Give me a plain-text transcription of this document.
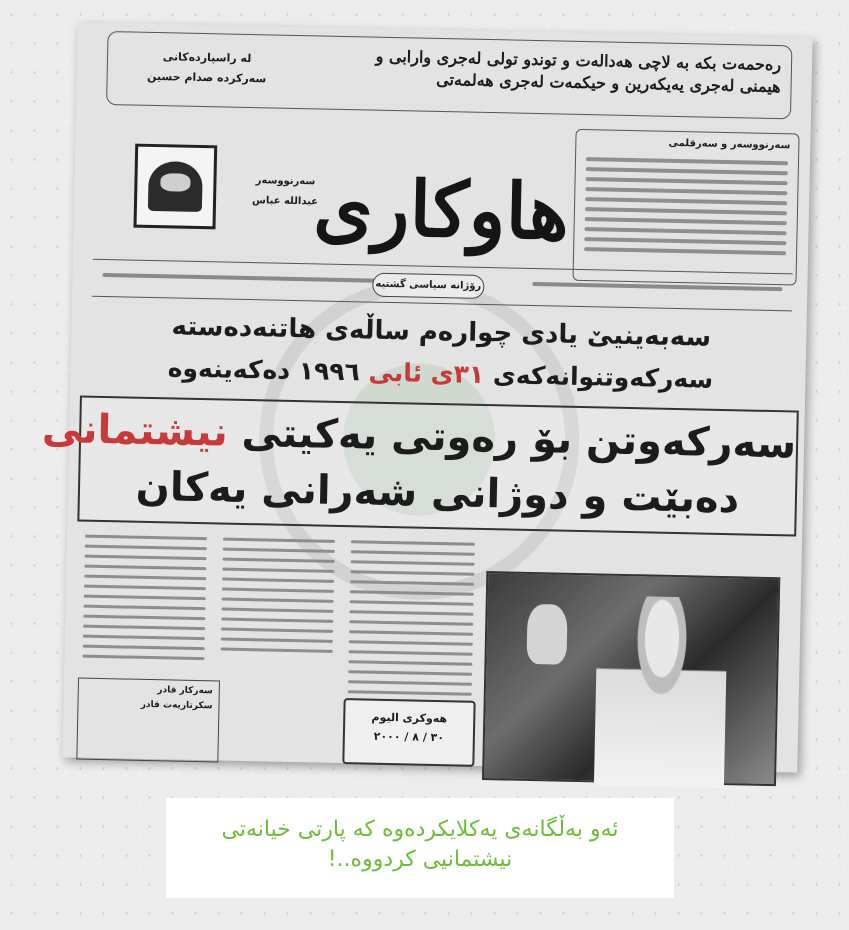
رەحمەت بکە بە لاچی ھەدالەت و توندو تولی لەجری وارابی و
ھیمنی لەجری یەیکەرین و حیکمەت لەجری ھەلمەتی
لە راسپاردەکانی
سەرکردە صدام حسین
سەرنووسەر و سەرقلمی
ھاوکاری
سەرنووسەر
عبدالله عباس
رۆژانە سیاسی گشتیە
سەبەینیێ یادی چوارەم ساڵەی ھاتنەدەستە
سەرکەوتنوانەکەی ٣١ی ئابی ١٩٩٦ دەکەینەوە
سەرکەوتن بۆ رەوتی یەکیتی نیشتمانی
دەبێت و دوژانی شەرانی یەکان
ھەوکری الیوم
٣٠ / ٨ / ٢٠٠٠
سەرکار قادر
سکرتاریەت قادر
ئەو بەڵگانەی یەکلایکردەوە کە پارتی خیانەتی
نیشتمانیی کردووە..!
